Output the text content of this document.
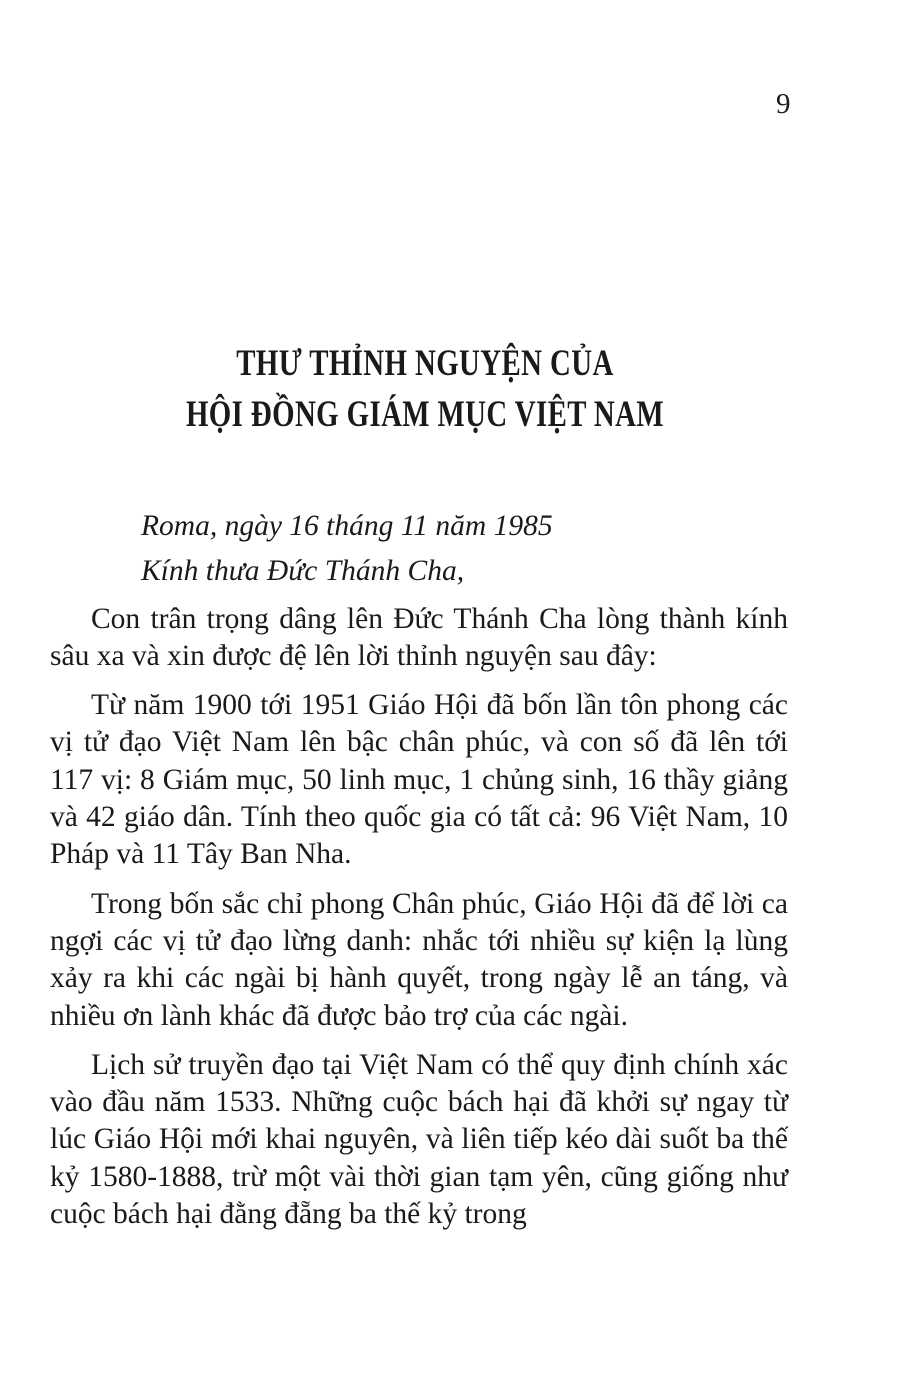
9
THƯ THỈNH NGUYỆN CỦA
HỘI ĐỒNG GIÁM MỤC VIỆT NAM

Roma, ngày 16 tháng 11 năm 1985

Kính thưa Đức Thánh Cha,

Con trân trọng dâng lên Đức Thánh Cha lòng thành kính sâu xa và xin được đệ lên lời thỉnh nguyện sau đây:

Từ năm 1900 tới 1951 Giáo Hội đã bốn lần tôn phong các vị tử đạo Việt Nam lên bậc chân phúc, và con số đã lên tới 117 vị: 8 Giám mục, 50 linh mục, 1 chủng sinh, 16 thầy giảng và 42 giáo dân. Tính theo quốc gia có tất cả: 96 Việt Nam, 10 Pháp và 11 Tây Ban Nha.

Trong bốn sắc chỉ phong Chân phúc, Giáo Hội đã để lời ca ngợi các vị tử đạo lừng danh: nhắc tới nhiều sự kiện lạ lùng xảy ra khi các ngài bị hành quyết, trong ngày lễ an táng, và nhiều ơn lành khác đã được bảo trợ của các ngài.

Lịch sử truyền đạo tại Việt Nam có thể quy định chính xác vào đầu năm 1533. Những cuộc bách hại đã khởi sự ngay từ lúc Giáo Hội mới khai nguyên, và liên tiếp kéo dài suốt ba thế kỷ 1580-1888, trừ một vài thời gian tạm yên, cũng giống như cuộc bách hại đằng đẵng ba thế kỷ trong
